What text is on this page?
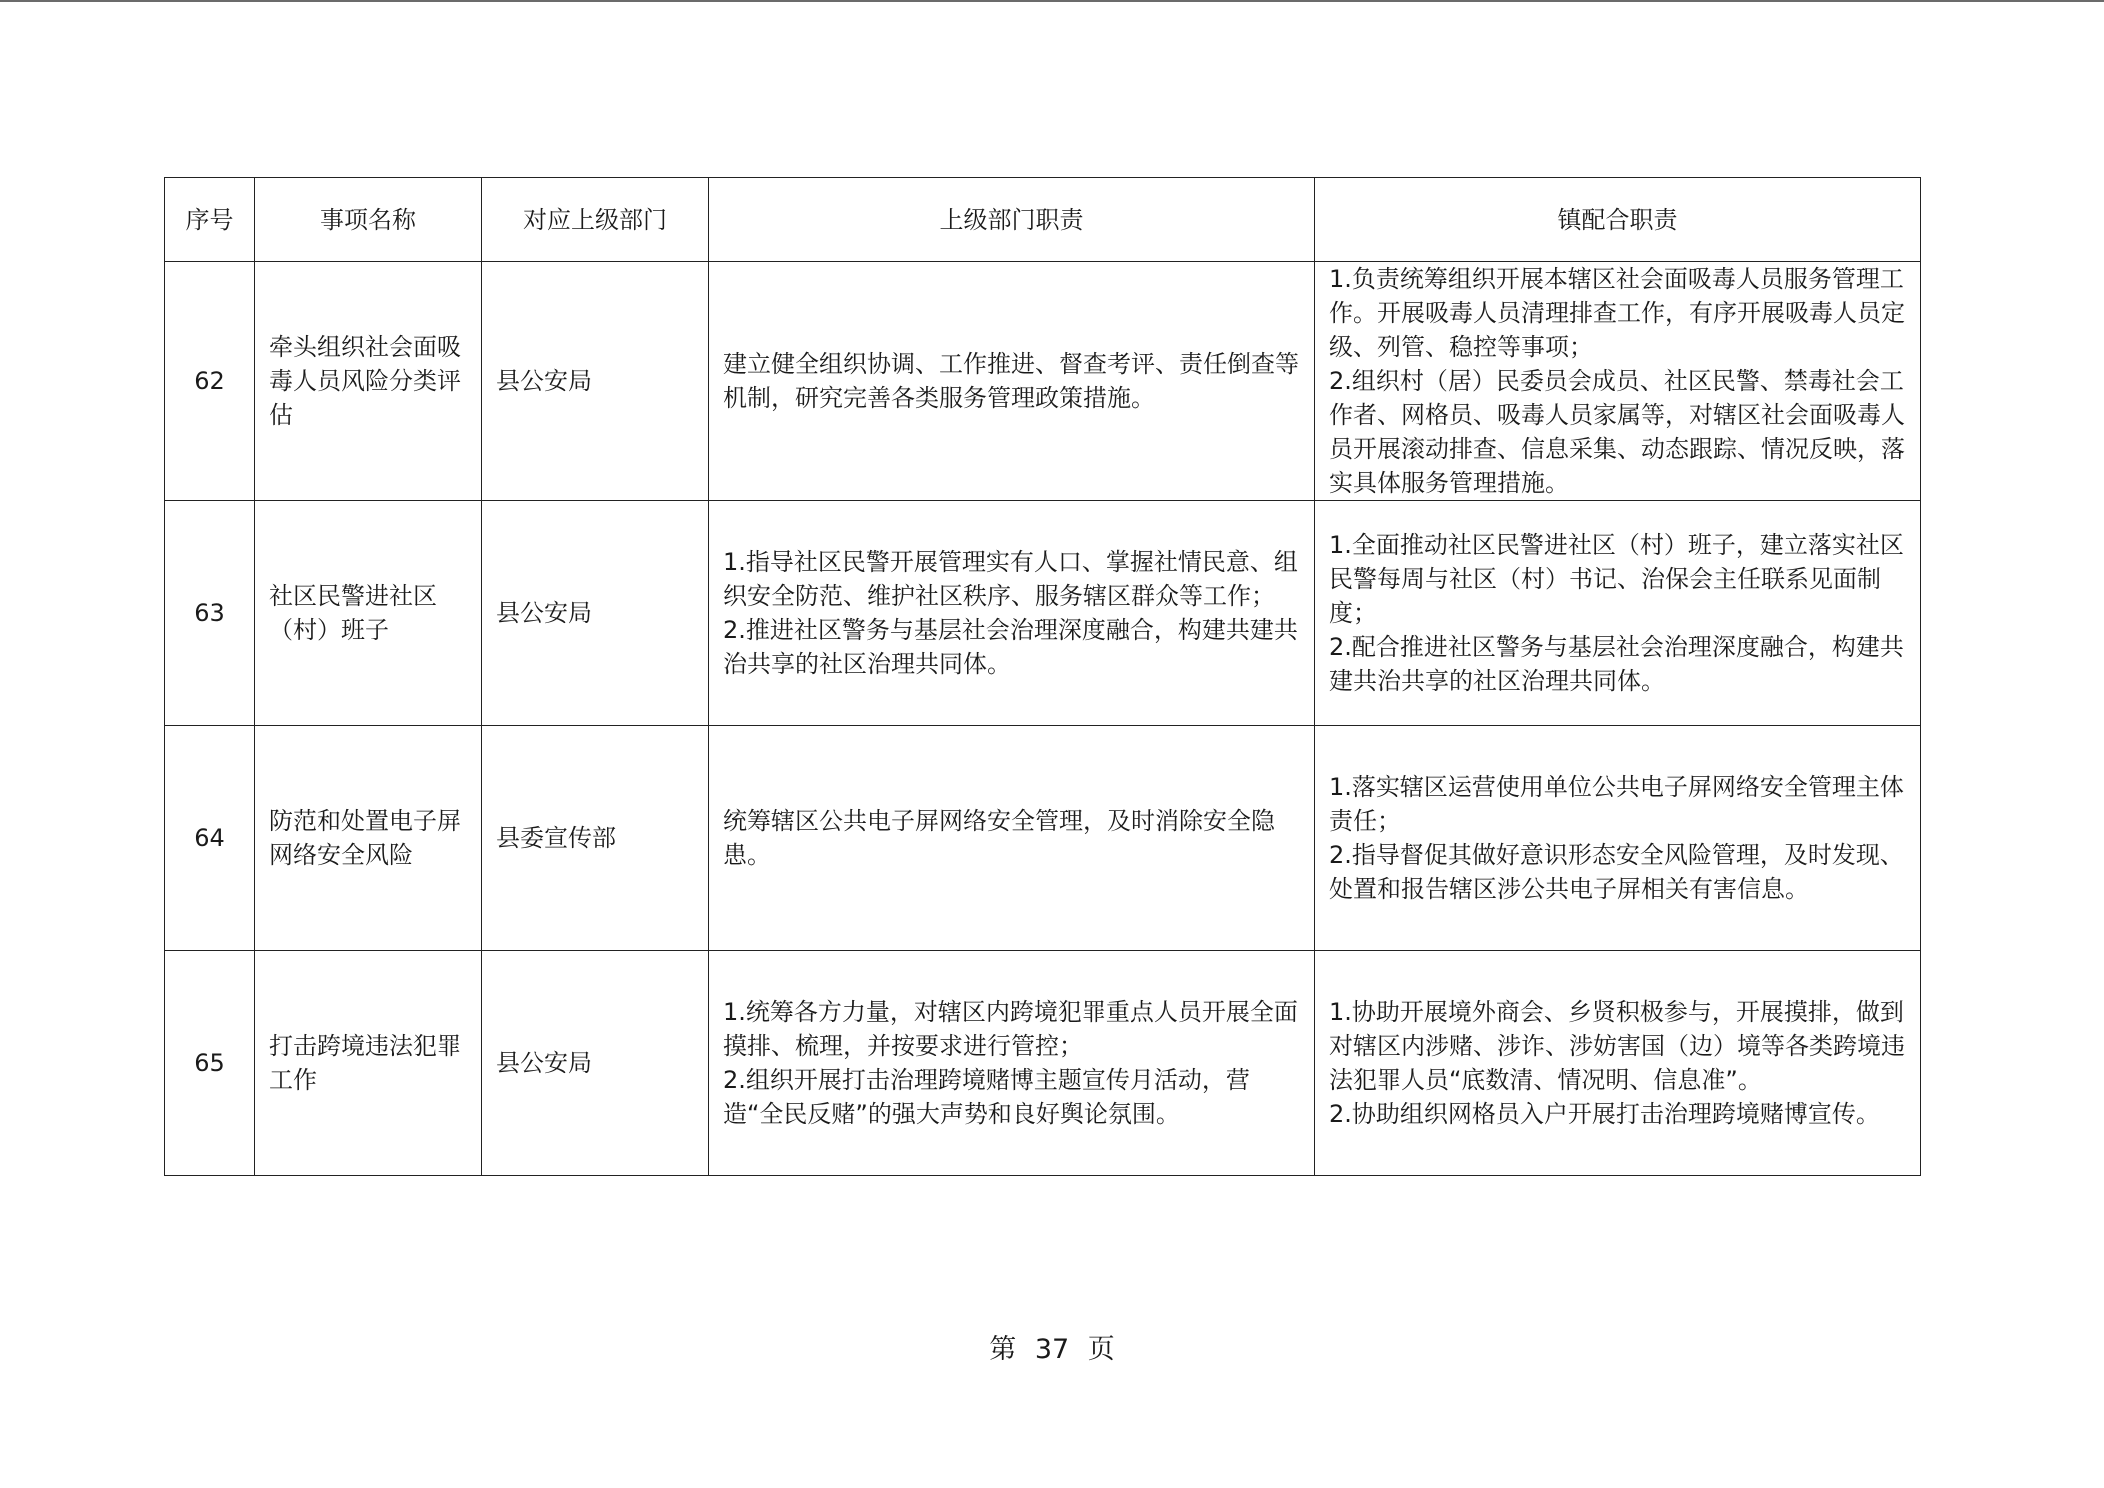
序号	事项名称	对应上级部门	上级部门职责	镇配合职责
62	牵头组织社会面吸毒人员风险分类评估	县公安局	建立健全组织协调、工作推进、督查考评、责任倒查等机制，研究完善各类服务管理政策措施。	1.负责统筹组织开展本辖区社会面吸毒人员服务管理工作。开展吸毒人员清理排查工作，有序开展吸毒人员定级、列管、稳控等事项；
2.组织村（居）民委员会成员、社区民警、禁毒社会工作者、网格员、吸毒人员家属等，对辖区社会面吸毒人员开展滚动排查、信息采集、动态跟踪、情况反映，落实具体服务管理措施。
63	社区民警进社区（村）班子	县公安局	1.指导社区民警开展管理实有人口、掌握社情民意、组织安全防范、维护社区秩序、服务辖区群众等工作；
2.推进社区警务与基层社会治理深度融合，构建共建共治共享的社区治理共同体。	1.全面推动社区民警进社区（村）班子，建立落实社区民警每周与社区（村）书记、治保会主任联系见面制度；
2.配合推进社区警务与基层社会治理深度融合，构建共建共治共享的社区治理共同体。
64	防范和处置电子屏网络安全风险	县委宣传部	统筹辖区公共电子屏网络安全管理，及时消除安全隐患。	1.落实辖区运营使用单位公共电子屏网络安全管理主体责任；
2.指导督促其做好意识形态安全风险管理，及时发现、处置和报告辖区涉公共电子屏相关有害信息。
65	打击跨境违法犯罪工作	县公安局	1.统筹各方力量，对辖区内跨境犯罪重点人员开展全面摸排、梳理，并按要求进行管控；
2.组织开展打击治理跨境赌博主题宣传月活动，营造“全民反赌”的强大声势和良好舆论氛围。	1.协助开展境外商会、乡贤积极参与，开展摸排，做到对辖区内涉赌、涉诈、涉妨害国（边）境等各类跨境违法犯罪人员“底数清、情况明、信息准”。
2.协助组织网格员入户开展打击治理跨境赌博宣传。
第 37 页
